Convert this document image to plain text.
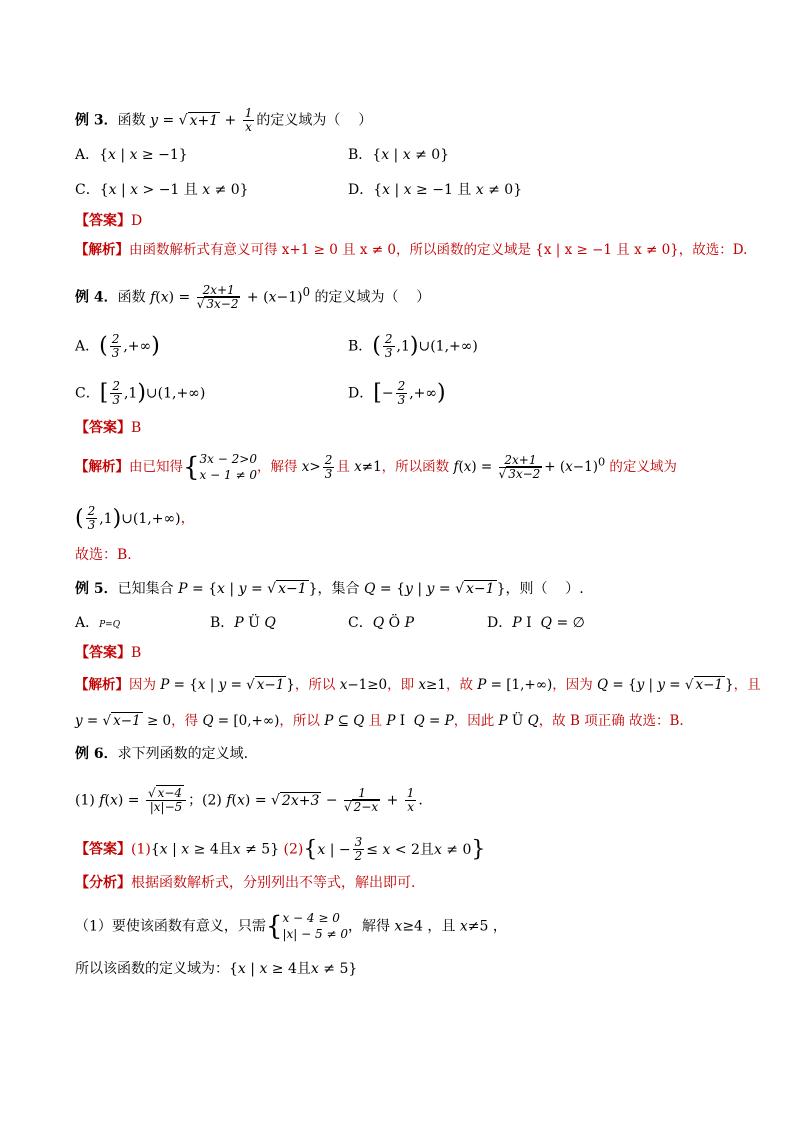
例 3．函数 y = √ $x+1 + \frac{1}{x}$ 的定义域为（    ）
A．{x | x ≥ −1}	B．{x | x ≠ 0}
C．{x | x > −1 且 x ≠ 0}	D．{x | x ≥ −1 且 x ≠ 0}
【答案】D
【解析】由函数解析式有意义可得 x+1 ≥ 0 且 x ≠ 0，所以函数的定义域是 {x | x ≥ −1 且 x ≠ 0}，故选：D.
例 4．函数 $f(x) = \frac{2x+1}{√ 3x-2} + (x-1)^0$ 的定义域为（    ）
A．( $\frac{2}{3}$ ,+∞)	B．( $\frac{2}{3}$ ,1)∪(1,+∞)
C．[ $\frac{2}{3}$ ,1)∪(1,+∞)	D．[− $\frac{2}{3}$ ,+∞)
【答案】B
【解析】由已知得{3x − 2>0
x − 1 ≠ 0，解得 $x> \frac{2}{3}$ 且 x≠1，所以函数 $f(x) = \frac{2x+1}{√ 3x-2} + (x-1)^0$ 的定义域为
( $\frac{2}{3}$ ,1)∪(1,+∞)，
故选：B.
例 5．已知集合 P = {x | y = √ x−1 }，集合 Q = {y | y = √ x−1 }，则（    ）.
A．P=Q	B．P Ü Q	C．Q Ö P	D．P I  Q = ∅
【答案】B
【解析】因为 P = {x | y = √ x−1 }，所以 x−1≥0，即 x≥1，故 P = [1,+∞)，因为 Q = {y | y = √ x−1 }，且
y = √ x−1 ≥ 0，得 Q = [0,+∞)，所以 P ⊆ Q 且 P I  Q = P，因此 P Ü Q，故 B 项正确 故选：B.
例 6．求下列函数的定义域.
(1) $f(x) = \frac{√ x-4}{|x|-5}$ ；(2) f(x) = √ $2x+3 - \frac{1}{√ 2-x} + \frac{1}{x}$ .
【答案】(1){x | x ≥ 4且x ≠ 5} (2){x | − $\frac{3}{2} \le x < 2$且x ≠ 0}
【分析】根据函数解析式，分别列出不等式，解出即可.
（1）要使该函数有意义，只需{x − 4 ≥ 0
|x| − 5 ≠ 0，解得 x≥4 ，且 x≠5 ，
所以该函数的定义域为：{x | x ≥ 4且x ≠ 5}
